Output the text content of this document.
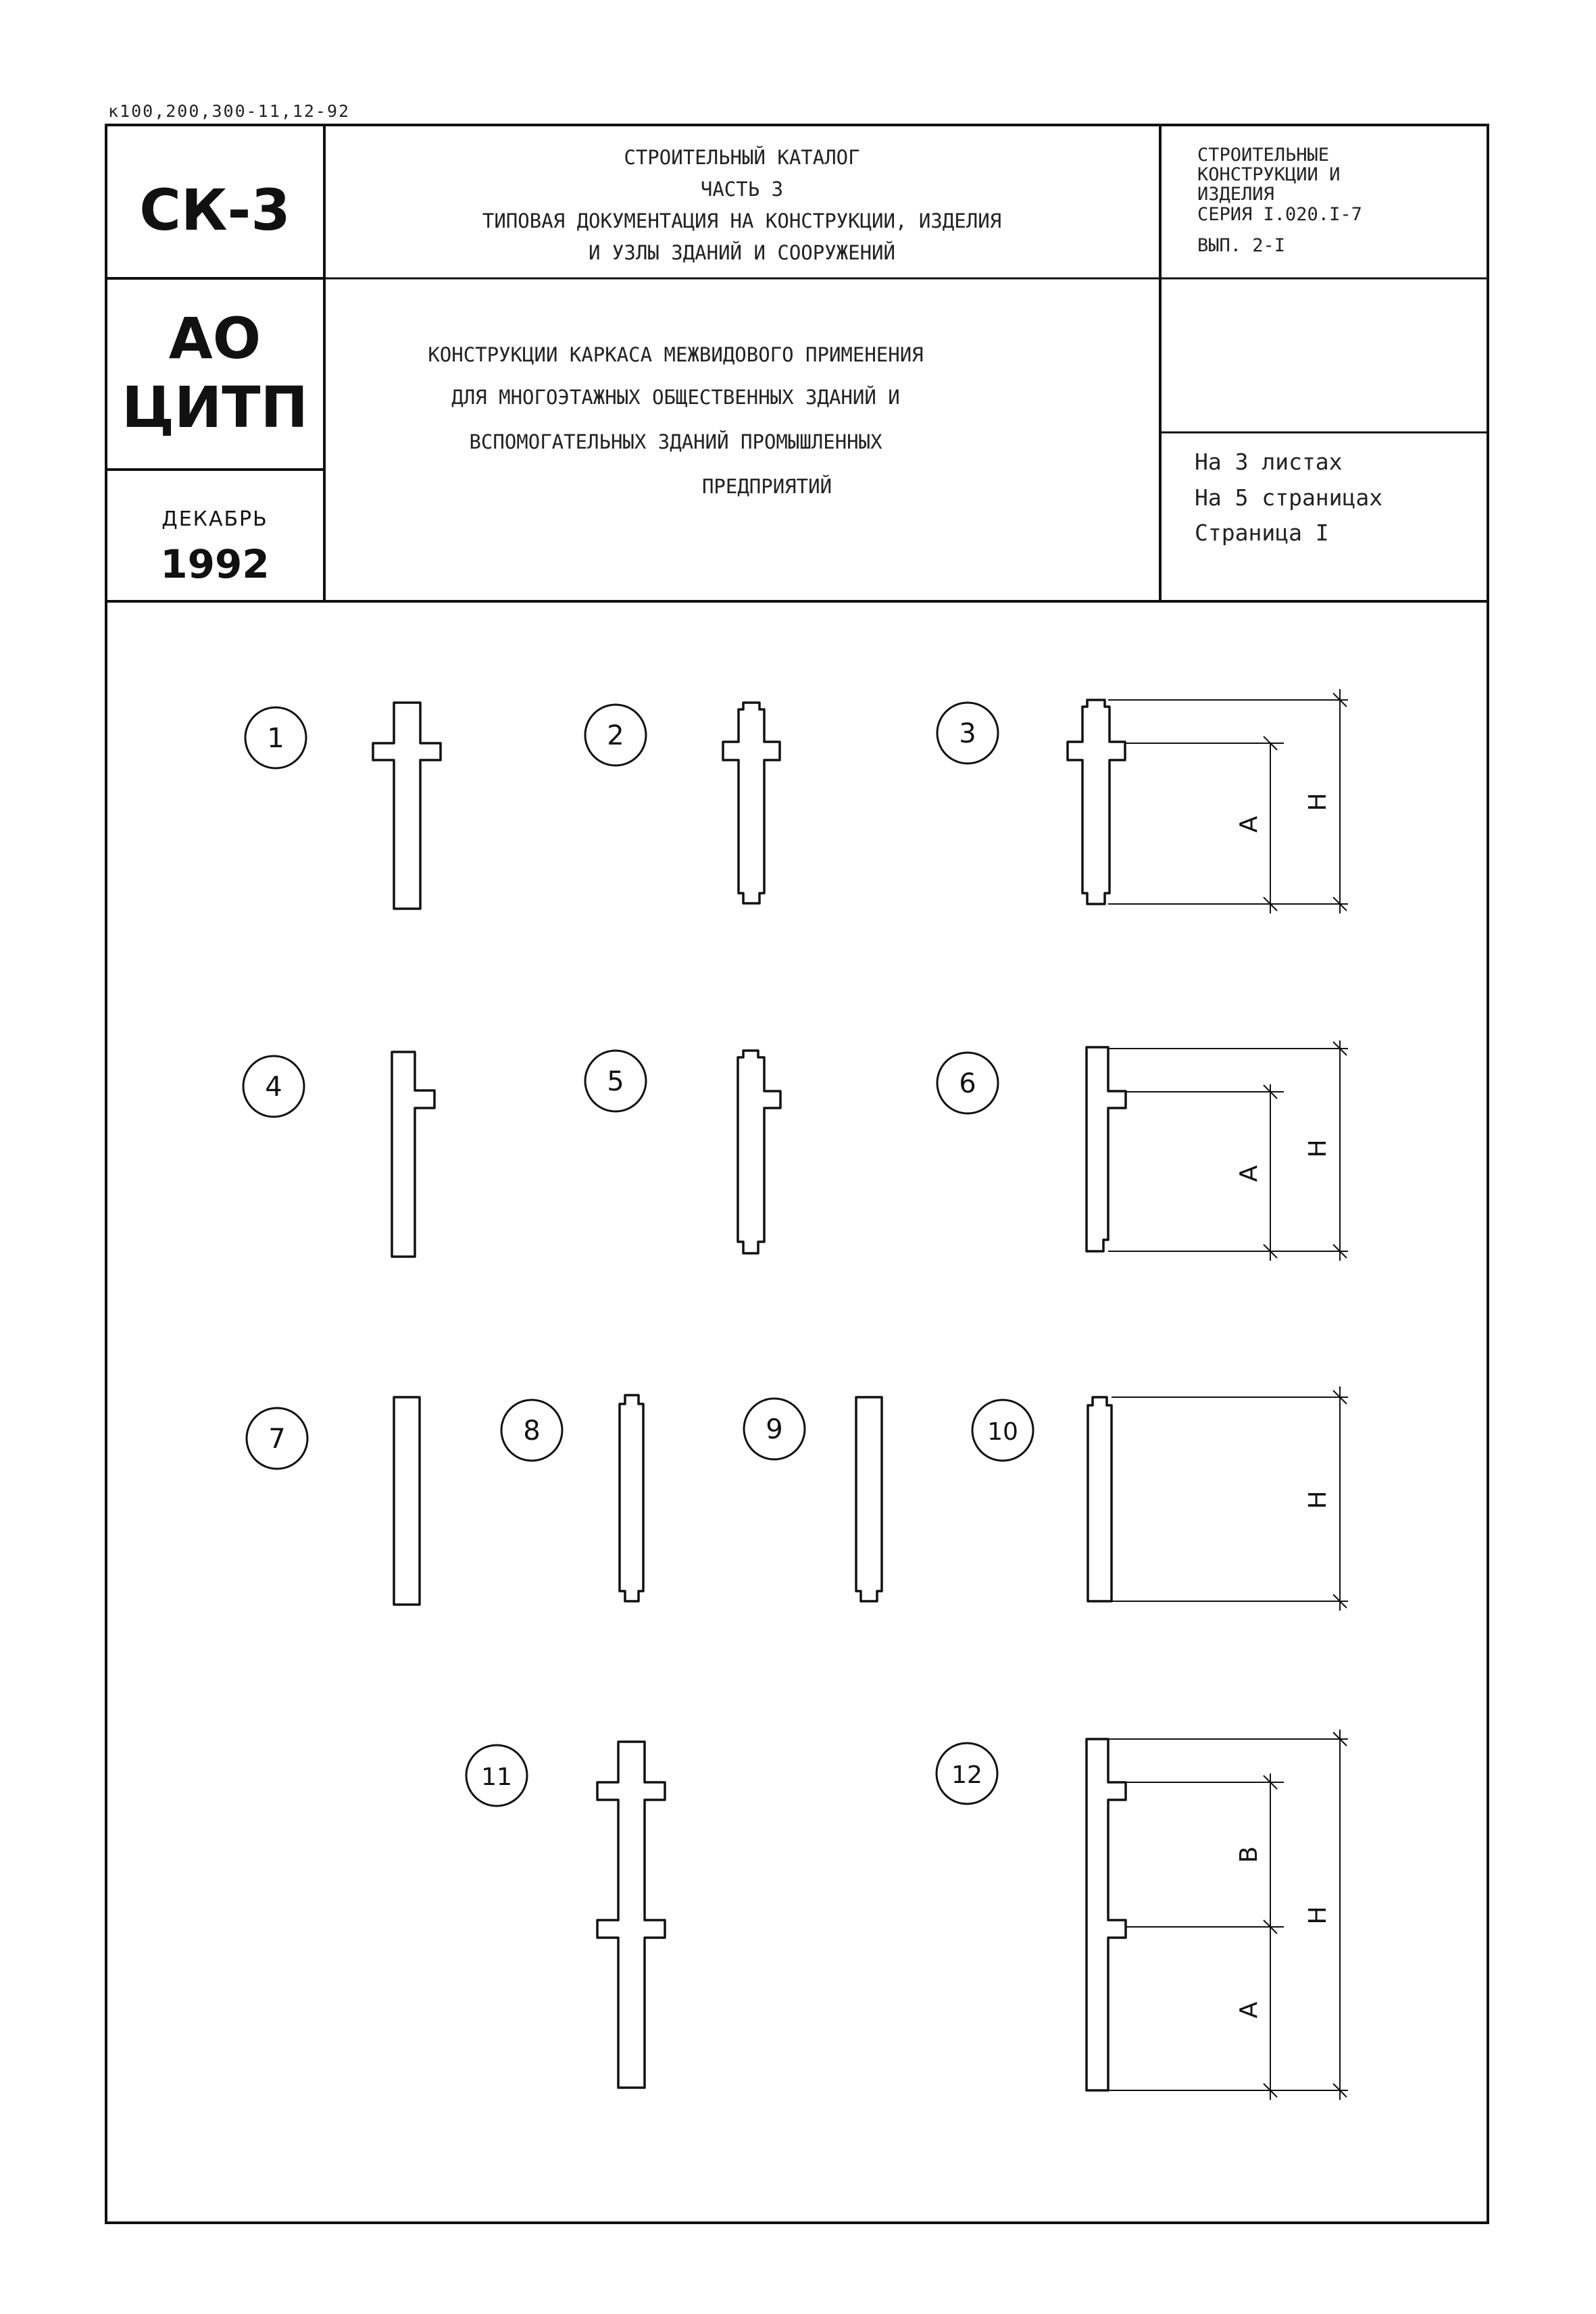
к100,200,300-11,12-92
СК-3
АО
ЦИТП
ДЕКАБРЬ
1992
СТРОИТЕЛЬНЫЙ КАТАЛОГ
ЧАСТЬ 3
ТИПОВАЯ ДОКУМЕНТАЦИЯ НА КОНСТРУКЦИИ, ИЗДЕЛИЯ
И УЗЛЫ ЗДАНИЙ И СООРУЖЕНИЙ
СТРОИТЕЛЬНЫЕ
КОНСТРУКЦИИ И
ИЗДЕЛИЯ
СЕРИЯ I.020.I-7
ВЫП. 2-I
КОНСТРУКЦИИ КАРКАСА МЕЖВИДОВОГО ПРИМЕНЕНИЯ
ДЛЯ МНОГОЭТАЖНЫХ ОБЩЕСТВЕННЫХ ЗДАНИЙ И
ВСПОМОГАТЕЛЬНЫХ ЗДАНИЙ ПРОМЫШЛЕННЫХ
ПРЕДПРИЯТИЙ
На 3 листах
На 5 страницах
Страница I
А
Н
А
Н
Н
В
А
Н
1	2	3
4	5	6
7	8	9	10
11	12
